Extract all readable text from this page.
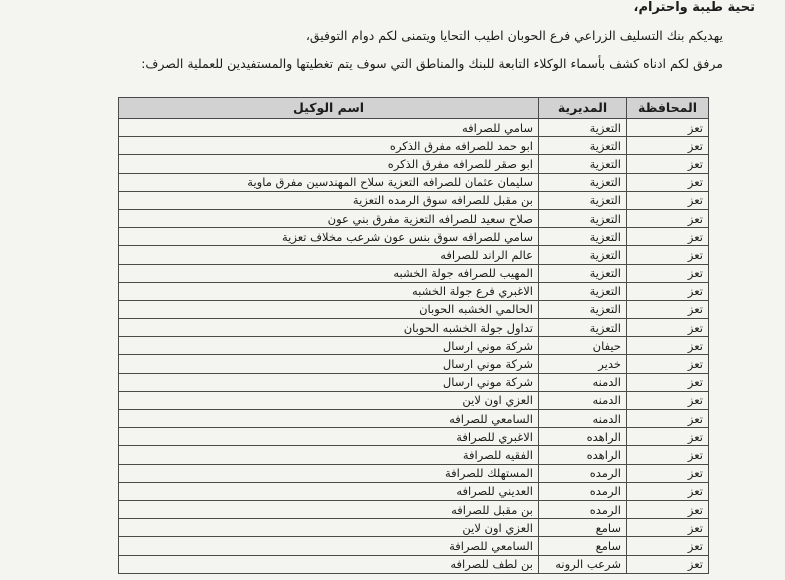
تحية طيبة واحترام،
يهديكم بنك التسليف الزراعي فرع الحوبان اطيب التحايا ويتمنى لكم دوام التوفيق،
مرفق لكم ادناه كشف بأسماء الوكلاء التابعة للبنك والمناطق التي سوف يتم تغطيتها والمستفيدين للعملية الصرف:
المحافظة	المديرية	اسم الوكيل
تعز	التعزية	سامي للصرافه
تعز	التعزية	ابو حمد للصرافه مفرق الذكره
تعز	التعزية	ابو صقر للصرافه مفرق الذكره
تعز	التعزية	سليمان عثمان للصرافه التعزية سلاح المهندسين مفرق ماوية
تعز	التعزية	بن مقبل للصرافه سوق الرمده التعزية
تعز	التعزية	صلاح سعيد للصرافه التعزية مفرق بني عون
تعز	التعزية	سامي للصرافه سوق بنس عون شرعب مخلاف تعزية
تعز	التعزية	عالم الراند للصرافه
تعز	التعزية	المهيب للصرافه جولة الخشبه
تعز	التعزية	الاغبري فرع جولة الخشبه
تعز	التعزية	الحالمي الخشبه الحوبان
تعز	التعزية	تداول جولة الخشبه الحوبان
تعز	حيفان	شركة موني ارسال
تعز	خدير	شركة موني ارسال
تعز	الدمنه	شركة موني ارسال
تعز	الدمنه	العزي اون لاين
تعز	الدمنه	السامعي للصرافه
تعز	الراهده	الاغبري للصرافة
تعز	الراهده	الفقيه للصرافة
تعز	الرمده	المستهلك للصرافة
تعز	الرمده	العديني للصرافه
تعز	الرمده	بن مقبل للصرافه
تعز	سامع	العزي اون لاين
تعز	سامع	السامعي للصرافة
تعز	شرعب الرونه	بن لطف للصرافه
